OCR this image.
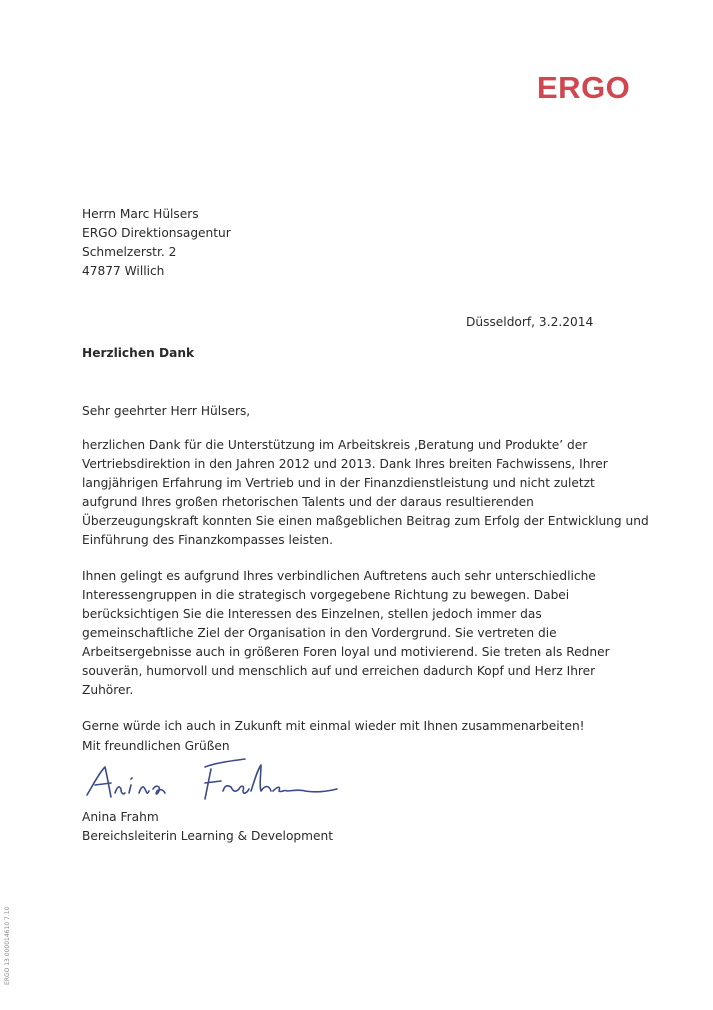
ERGO
Herrn Marc Hülsers
ERGO Direktionsagentur
Schmelzerstr. 2
47877 Willich
Düsseldorf, 3.2.2014
Herzlichen Dank
Sehr geehrter Herr Hülsers,

herzlichen Dank für die Unterstützung im Arbeitskreis ‚Beratung und Produkte’ der
Vertriebsdirektion in den Jahren 2012 und 2013. Dank Ihres breiten Fachwissens, Ihrer
langjährigen Erfahrung im Vertrieb und in der Finanzdienstleistung und nicht zuletzt
aufgrund Ihres großen rhetorischen Talents und der daraus resultierenden
Überzeugungskraft konnten Sie einen maßgeblichen Beitrag zum Erfolg der Entwicklung und
Einführung des Finanzkompasses leisten.

Ihnen gelingt es aufgrund Ihres verbindlichen Auftretens auch sehr unterschiedliche
Interessengruppen in die strategisch vorgegebene Richtung zu bewegen. Dabei
berücksichtigen Sie die Interessen des Einzelnen, stellen jedoch immer das
gemeinschaftliche Ziel der Organisation in den Vordergrund. Sie vertreten die
Arbeitsergebnisse auch in größeren Foren loyal und motivierend. Sie treten als Redner
souverän, humorvoll und menschlich auf und erreichen dadurch Kopf und Herz Ihrer
Zuhörer.

Gerne würde ich auch in Zukunft mit einmal wieder mit Ihnen zusammenarbeiten!

Mit freundlichen Grüßen
Anina Frahm
Bereichsleiterin Learning & Development
ERGO 13 000014610 7.10
